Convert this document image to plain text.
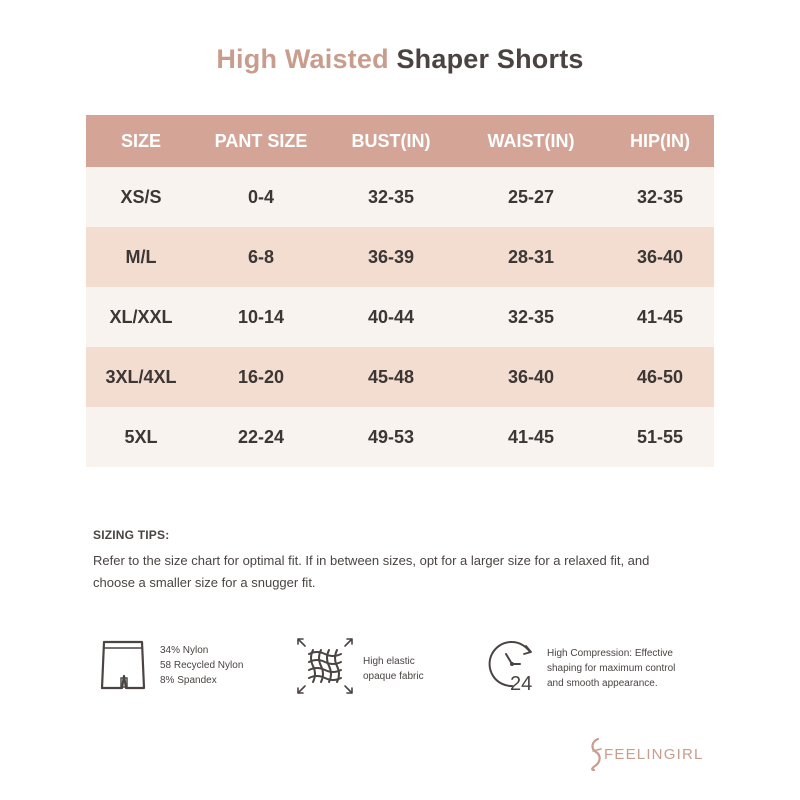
High Waisted Shaper Shorts
SIZE	PANT SIZE	BUST(IN)	WAIST(IN)	HIP(IN)
XS/S	0-4	32-35	25-27	32-35
M/L	6-8	36-39	28-31	36-40
XL/XXL	10-14	40-44	32-35	41-45
3XL/4XL	16-20	45-48	36-40	46-50
5XL	22-24	49-53	41-45	51-55
SIZING TIPS:
Refer to the size chart for optimal fit. If in between sizes, opt for a larger size for a relaxed fit, and
choose a smaller size for a snugger fit.
34% Nylon
58 Recycled Nylon
8% Spandex
High elastic
opaque fabric	24
High Compression: Effective
shaping for maximum control
and smooth appearance.
FEELINGIRL
